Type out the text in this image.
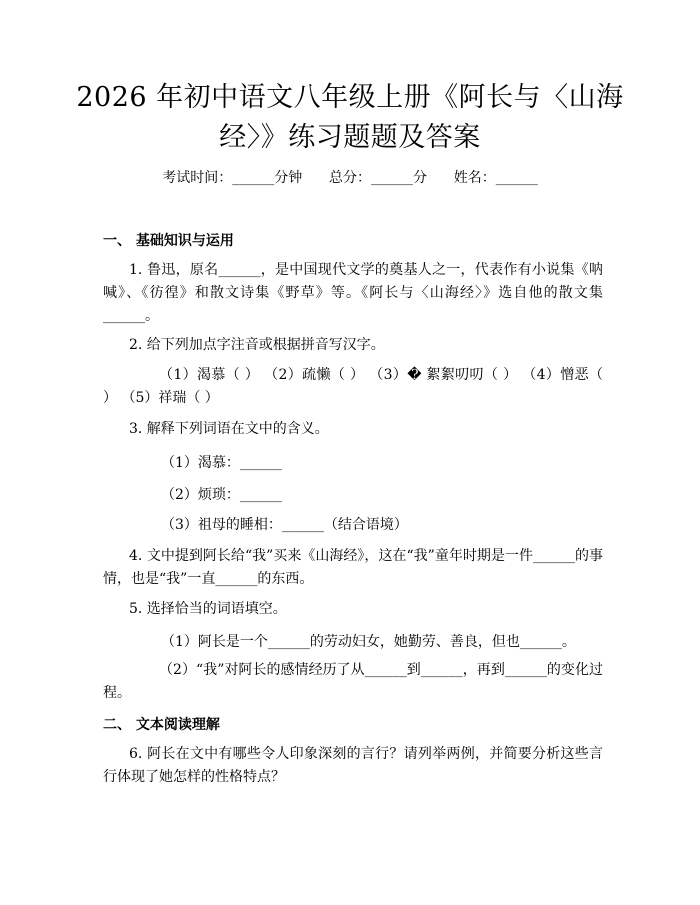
2026 年初中语文八年级上册《阿长与〈山海经〉》练习题题及答案
考试时间：______分钟      总分：______分      姓名：______
一、 基础知识与运用
1. 鲁迅，原名______，是中国现代文学的奠基人之一，代表作有小说集《呐喊》、《彷徨》和散文诗集《野草》等。《阿长与〈山海经〉》选自他的散文集______。
2. 给下列加点字注音或根据拼音写汉字。
（1）渴慕（ ） （2）疏懒（ ） （3）� 絮絮叨叨（ ） （4）憎恶（ ） （5）祥瑞（ ）
3. 解释下列词语在文中的含义。
（1）渴慕：______
（2）烦琐：______
（3）祖母的睡相：______（结合语境）
4. 文中提到阿长给“我”买来《山海经》，这在“我”童年时期是一件______的事情，也是“我”一直______的东西。
5. 选择恰当的词语填空。
（1）阿长是一个______的劳动妇女，她勤劳、善良，但也______。
（2）“我”对阿长的感情经历了从______到______，再到______的变化过程。
二、 文本阅读理解
6. 阿长在文中有哪些令人印象深刻的言行？请列举两例，并简要分析这些言行体现了她怎样的性格特点？
